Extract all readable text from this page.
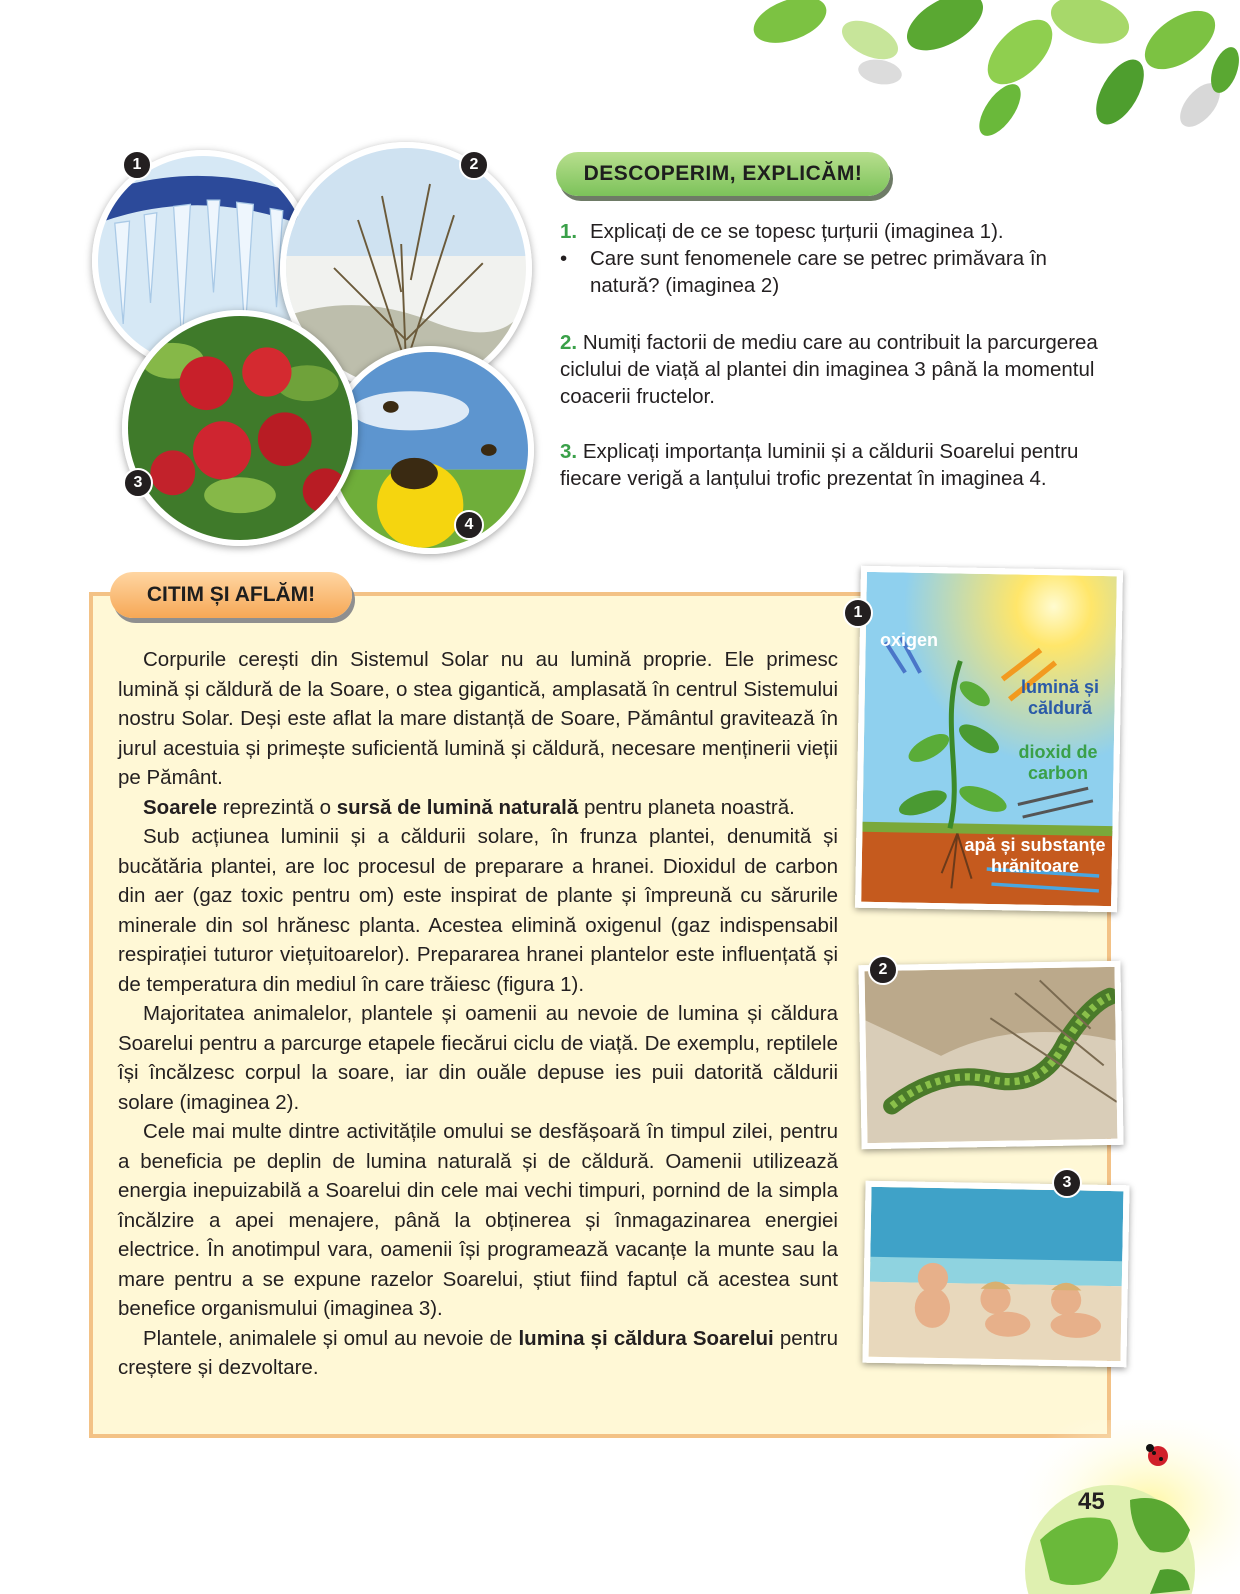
1	2
3
4
DESCOPERIM, EXPLICĂM!
1. Explicați de ce se topesc țurțurii (imaginea 1).
•	Care sunt fenomenele care se petrec primăvara în natură? (imaginea 2)
2. Numiți factorii de mediu care au contribuit la parcurgerea ciclului de viață al plantei din imaginea 3 până la momentul coacerii fructelor.
3. Explicați importanța luminii și a căldurii Soarelui pentru fiecare verigă a lanțului trofic prezentat în imaginea 4.
CITIM ȘI AFLĂM!

Corpurile cerești din Sistemul Solar nu au lumină proprie. Ele primesc lumină și căldură de la Soare, o stea gigantică, amplasată în centrul Sistemului nostru Solar. Deși este aflat la mare distanță de Soare, Pământul gravitează în jurul acestuia și primește suficientă lumină și căldură, necesare menținerii vieții pe Pământ.

Soarele reprezintă o sursă de lumină naturală pentru planeta noastră.

Sub acțiunea luminii și a căldurii solare, în frunza plantei, denumită și bucătăria plantei, are loc procesul de preparare a hranei. Dioxidul de carbon din aer (gaz toxic pentru om) este inspirat de plante și împreună cu sărurile minerale din sol hrănesc planta. Acestea elimină oxigenul (gaz indispensabil respirației tuturor viețuitoarelor). Prepararea hranei plantelor este influențată și de temperatura din mediul în care trăiesc (figura 1).

Majoritatea animalelor, plantele și oamenii au nevoie de lumina și căldura Soarelui pentru a parcurge etapele fiecărui ciclu de viață. De exemplu, reptilele își încălzesc corpul la soare, iar din ouăle depuse ies puii datorită căldurii solare (imaginea 2).

Cele mai multe dintre activitățile omului se desfășoară în timpul zilei, pentru a beneficia pe deplin de lumina naturală și de căldură. Oamenii utilizează energia inepuizabilă a Soarelui din cele mai vechi timpuri, pornind de la simpla încălzire a apei menajere, până la obținerea și înmagazinarea energiei electrice. În anotimpul vara, oamenii își programează vacanțe la munte sau la mare pentru a se expune razelor Soarelui, știut fiind faptul că acestea sunt benefice organismului (imaginea 3).

Plantele, animalele și omul au nevoie de lumina și căldura Soarelui pentru creștere și dezvoltare.

oxigen
lumină și căldură
dioxid de carbon
apă și substanțe hrănitoare
1
2
3
45
